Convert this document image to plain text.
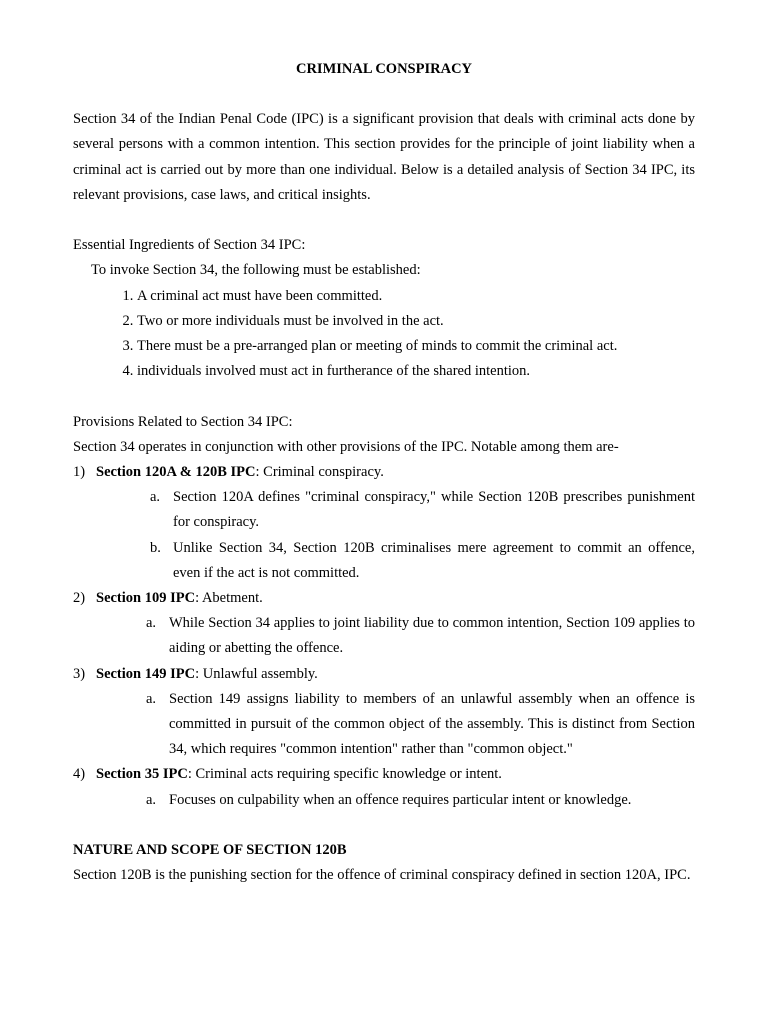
CRIMINAL CONSPIRACY

Section 34 of the Indian Penal Code (IPC) is a significant provision that deals with criminal acts done by several persons with a common intention. This section provides for the principle of joint liability when a criminal act is carried out by more than one individual. Below is a detailed analysis of Section 34 IPC, its relevant provisions, case laws, and critical insights.

Essential Ingredients of Section 34 IPC:

To invoke Section 34, the following must be established:

1. A criminal act must have been committed.
2. Two or more individuals must be involved in the act.
3. There must be a pre-arranged plan or meeting of minds to commit the criminal act.
4. individuals involved must act in furtherance of the shared intention.

Provisions Related to Section 34 IPC:

Section 34 operates in conjunction with other provisions of the IPC. Notable among them are-

1) Section 120A & 120B IPC: Criminal conspiracy.

a. Section 120A defines "criminal conspiracy," while Section 120B prescribes punishment for conspiracy.
b. Unlike Section 34, Section 120B criminalises mere agreement to commit an offence, even if the act is not committed.

2) Section 109 IPC: Abetment.

a. While Section 34 applies to joint liability due to common intention, Section 109 applies to aiding or abetting the offence.

3) Section 149 IPC: Unlawful assembly.

a. Section 149 assigns liability to members of an unlawful assembly when an offence is committed in pursuit of the common object of the assembly. This is distinct from Section 34, which requires "common intention" rather than "common object."

4) Section 35 IPC: Criminal acts requiring specific knowledge or intent.

a. Focuses on culpability when an offence requires particular intent or knowledge.

NATURE AND SCOPE OF SECTION 120B

Section 120B is the punishing section for the offence of criminal conspiracy defined in section 120A, IPC.
